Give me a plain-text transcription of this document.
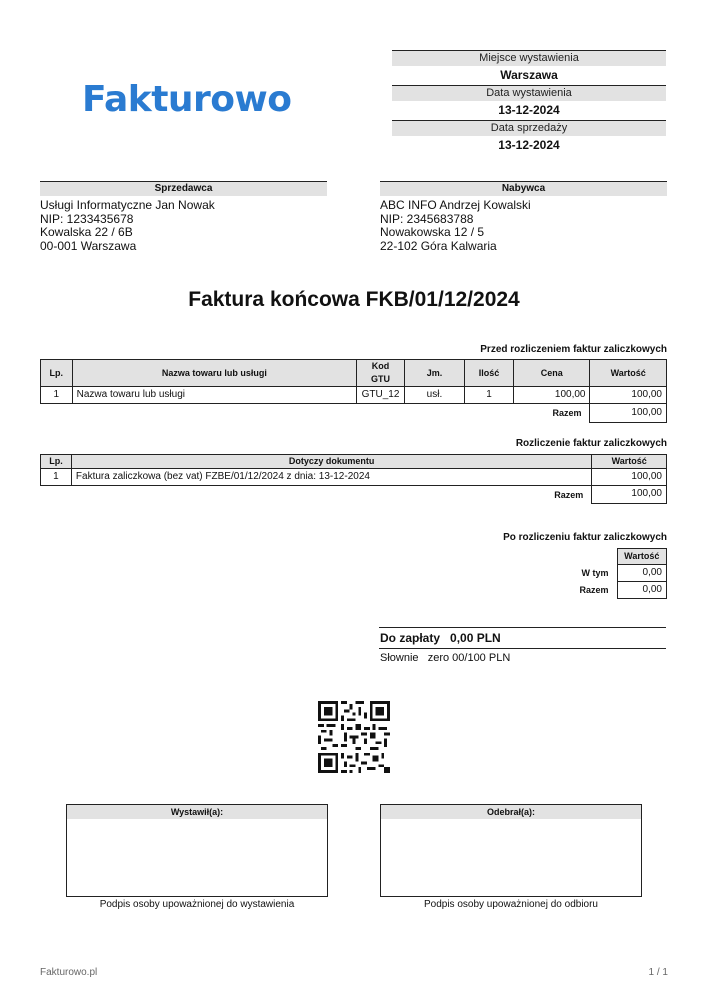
Fakturowo
Miejsce wystawienia
Warszawa
Data wystawienia
13-12-2024
Data sprzedaży
13-12-2024
Sprzedawca
Usługi Informatyczne Jan Nowak
NIP: 1233435678
Kowalska 22 / 6B
00-001 Warszawa
Nabywca
ABC INFO Andrzej Kowalski
NIP: 2345683788
Nowakowska 12 / 5
22-102 Góra Kalwaria
Faktura końcowa FKB/01/12/2024
Przed rozliczeniem faktur zaliczkowych
Lp.	Nazwa towaru lub usługi	Kod GTU	Jm.	Ilość	Cena	Wartość
1	Nazwa towaru lub usługi	GTU_12	usł.	1	100,00	100,00
Razem						100,00
Rozliczenie faktur zaliczkowych
Lp.	Dotyczy dokumentu	Wartość
1	Faktura zaliczkowa (bez vat) FZBE/01/12/2024 z dnia: 13-12-2024	100,00
Razem		100,00
Po rozliczeniu faktur zaliczkowych
	Wartość
W tym	0,00
Razem	0,00
Do zapłaty 0,00 PLN
Słownie zero 00/100 PLN
Wystawił(a):
Podpis osoby upoważnionej do wystawienia
Odebrał(a):
Podpis osoby upoważnionej do odbioru
Fakturowo.pl	1 / 1
